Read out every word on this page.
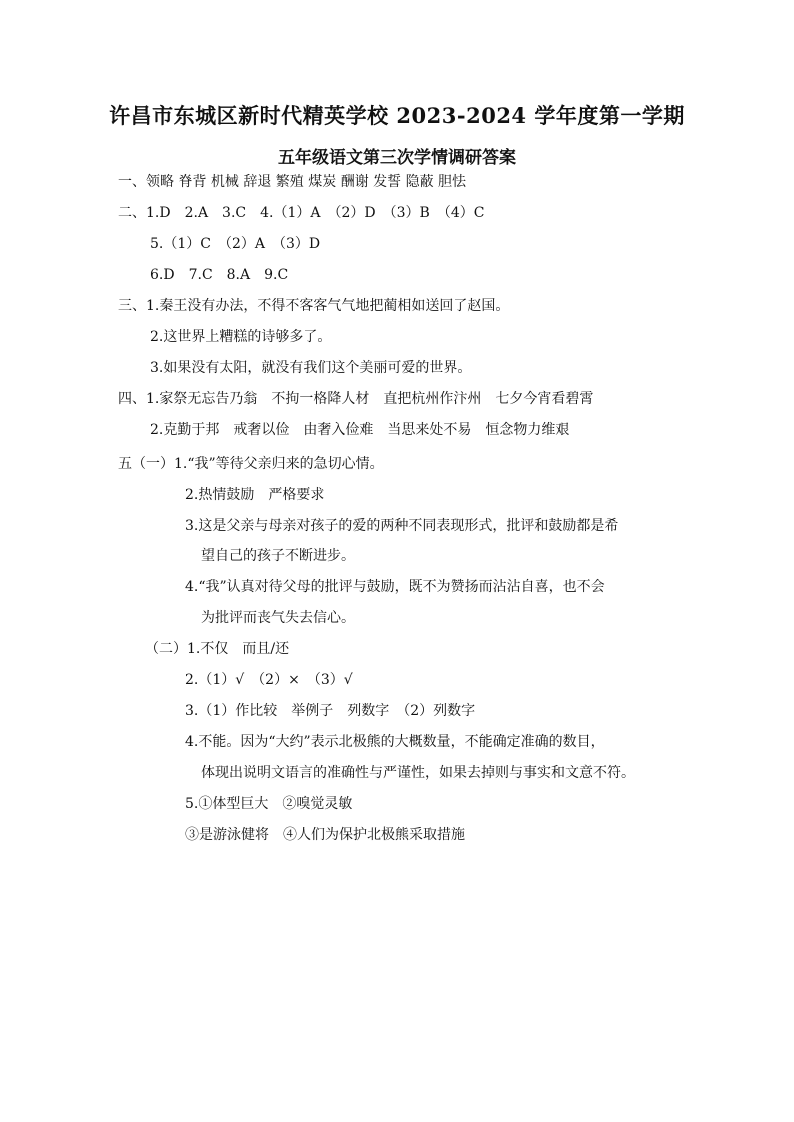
许昌市东城区新时代精英学校 2023-2024 学年度第一学期
五年级语文第三次学情调研答案
一、领略 脊背 机械 辞退 繁殖 煤炭 酬谢 发誓 隐蔽 胆怯
二、1.D　2.A　3.C　4.（1）A　（2）D　（3）B　（4）C
5.（1）C　（2）A　（3）D
6.D　7.C　8.A　9.C
三、1.秦王没有办法，不得不客客气气地把蔺相如送回了赵国。
2.这世界上糟糕的诗够多了。
3.如果没有太阳，就没有我们这个美丽可爱的世界。
四、1.家祭无忘告乃翁　不拘一格降人材　直把杭州作汴州　七夕今宵看碧霄
2.克勤于邦　戒奢以俭　由奢入俭难　当思来处不易　恒念物力维艰
五（一）1.“我”等待父亲归来的急切心情。
2.热情鼓励　严格要求
3.这是父亲与母亲对孩子的爱的两种不同表现形式，批评和鼓励都是希
望自己的孩子不断进步。
4.“我”认真对待父母的批评与鼓励，既不为赞扬而沾沾自喜，也不会
为批评而丧气失去信心。
（二）1.不仅　而且/还
2.（1）√　（2）×　（3）√
3.（1）作比较　举例子　列数字　（2）列数字
4.不能。因为“大约”表示北极熊的大概数量，不能确定准确的数目，
体现出说明文语言的准确性与严谨性，如果去掉则与事实和文意不符。
5.①体型巨大　②嗅觉灵敏
③是游泳健将　④人们为保护北极熊采取措施
